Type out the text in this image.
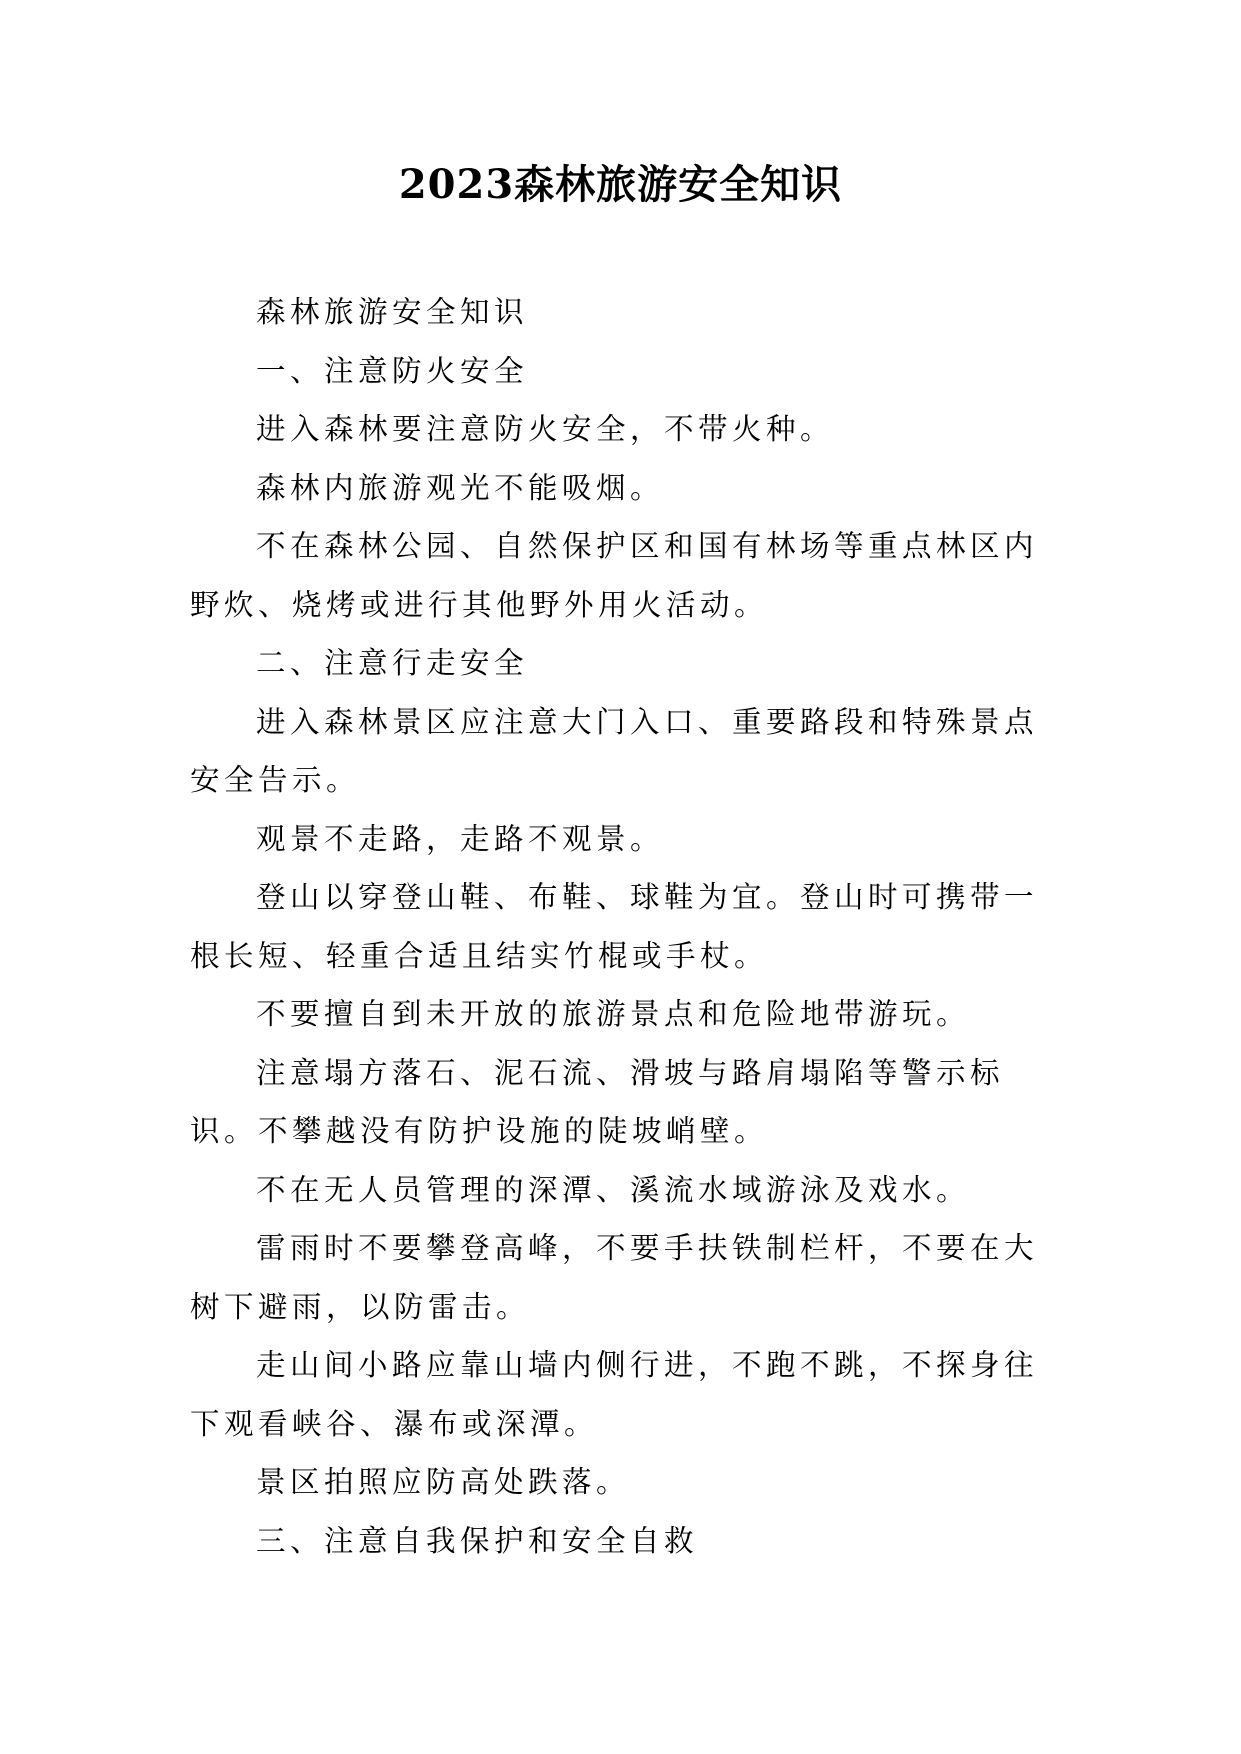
2023森林旅游安全知识

森林旅游安全知识

一、注意防火安全

进入森林要注意防火安全，不带火种。

森林内旅游观光不能吸烟。

不在森林公园、自然保护区和国有林场等重点林区内野炊、烧烤或进行其他野外用火活动。

二、注意行走安全

进入森林景区应注意大门入口、重要路段和特殊景点安全告示。

观景不走路，走路不观景。

登山以穿登山鞋、布鞋、球鞋为宜。登山时可携带一根长短、轻重合适且结实竹棍或手杖。

不要擅自到未开放的旅游景点和危险地带游玩。

注意塌方落石、泥石流、滑坡与路肩塌陷等警示标识。不攀越没有防护设施的陡坡峭壁。

不在无人员管理的深潭、溪流水域游泳及戏水。

雷雨时不要攀登高峰，不要手扶铁制栏杆，不要在大树下避雨，以防雷击。

走山间小路应靠山墙内侧行进，不跑不跳，不探身往下观看峡谷、瀑布或深潭。

景区拍照应防高处跌落。

三、注意自我保护和安全自救
